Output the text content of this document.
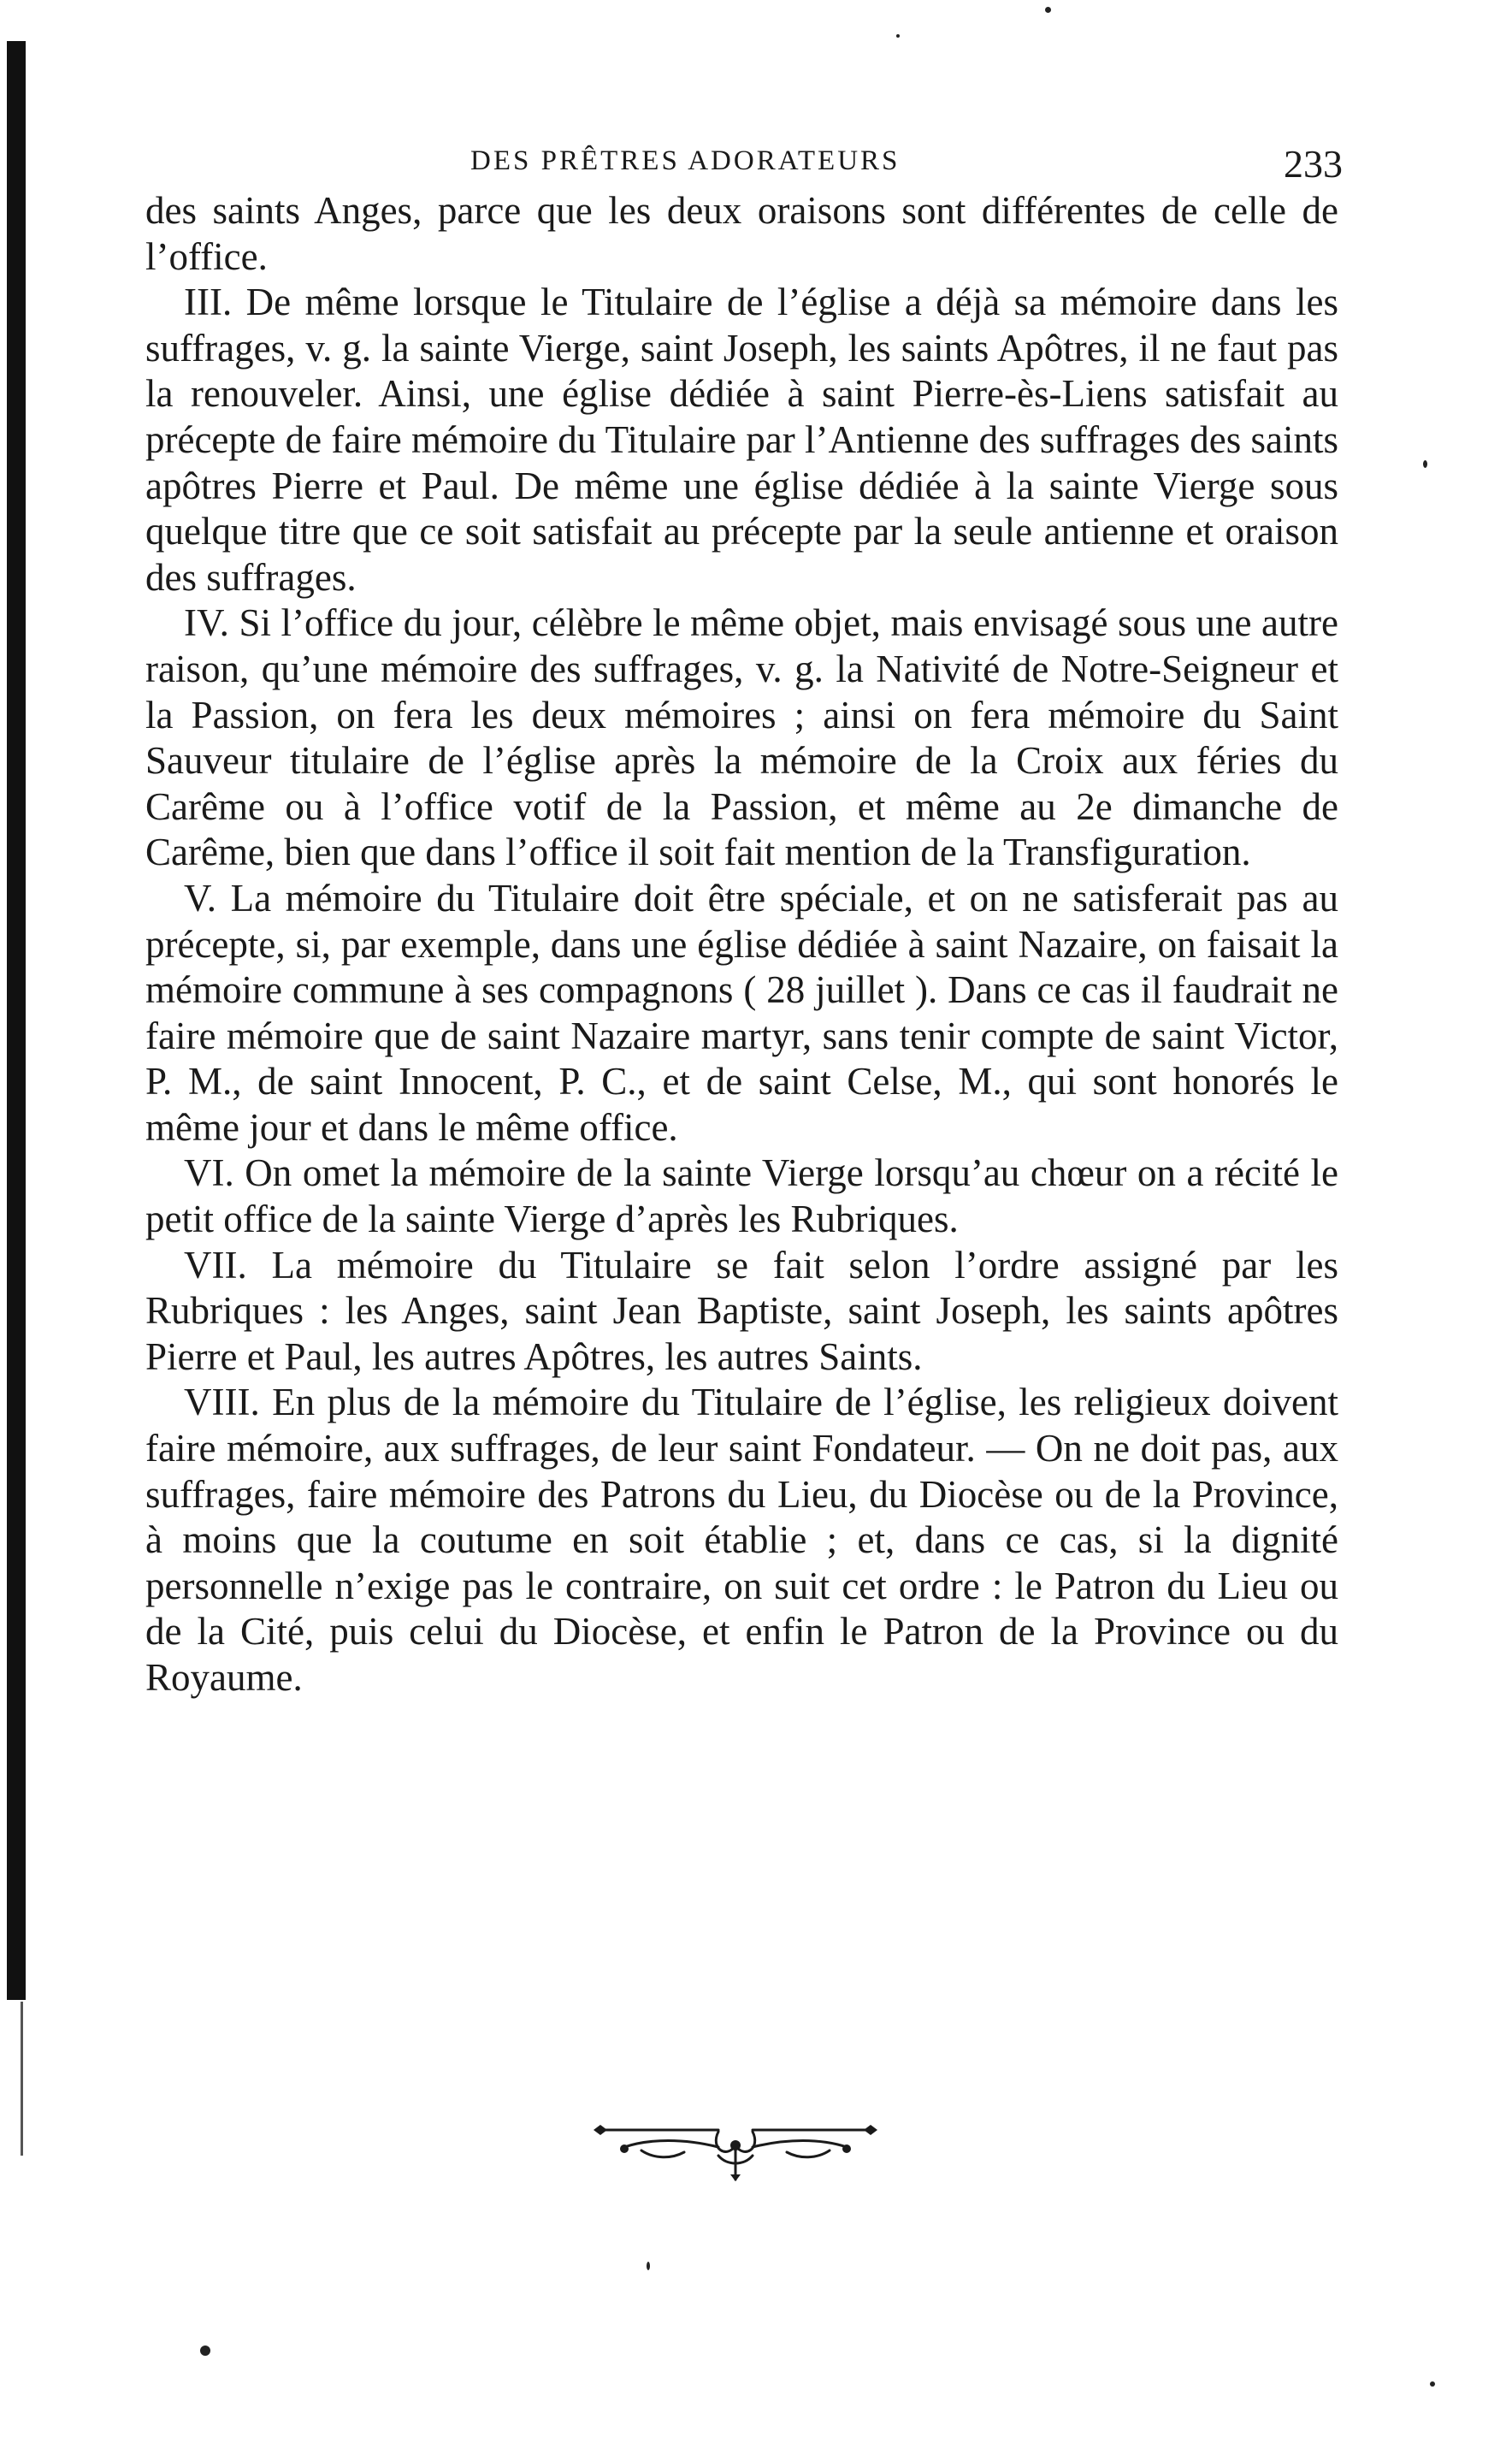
DES PRÊTRES ADORATEURS	233

des saints Anges, parce que les deux oraisons sont différentes de celle de l’office.

III. De même lorsque le Titulaire de l’église a déjà sa mémoire dans les suffrages, v. g. la sainte Vierge, saint Joseph, les saints Apôtres, il ne faut pas la renouveler. Ainsi, une église dédiée à saint Pierre-ès-Liens satisfait au précepte de faire mémoire du Titulaire par l’Antienne des suffrages des saints apôtres Pierre et Paul. De même une église dédiée à la sainte Vierge sous quelque titre que ce soit satisfait au précepte par la seule antienne et oraison des suffrages.

IV. Si l’office du jour, célèbre le même objet, mais envisagé sous une autre raison, qu’une mémoire des suffrages, v. g. la Nativité de Notre-Seigneur et la Passion, on fera les deux mémoires ; ainsi on fera mémoire du Saint Sauveur titulaire de l’église après la mémoire de la Croix aux féries du Carême ou à l’office votif de la Passion, et même au 2e dimanche de Carême, bien que dans l’office il soit fait mention de la Transfiguration.

V. La mémoire du Titulaire doit être spéciale, et on ne satisferait pas au précepte, si, par exemple, dans une église dédiée à saint Nazaire, on faisait la mémoire commune à ses compagnons ( 28 juillet ). Dans ce cas il faudrait ne faire mémoire que de saint Nazaire martyr, sans tenir compte de saint Victor, P. M., de saint Innocent, P. C., et de saint Celse, M., qui sont honorés le même jour et dans le même office.

VI. On omet la mémoire de la sainte Vierge lorsqu’au chœur on a récité le petit office de la sainte Vierge d’après les Rubriques.

VII. La mémoire du Titulaire se fait selon l’ordre assigné par les Rubriques : les Anges, saint Jean Baptiste, saint Joseph, les saints apôtres Pierre et Paul, les autres Apôtres, les autres Saints.

VIII. En plus de la mémoire du Titulaire de l’église, les religieux doivent faire mémoire, aux suffrages, de leur saint Fondateur. — On ne doit pas, aux suffrages, faire mémoire des Patrons du Lieu, du Diocèse ou de la Province, à moins que la coutume en soit établie ; et, dans ce cas, si la dignité personnelle n’exige pas le contraire, on suit cet ordre : le Patron du Lieu ou de la Cité, puis celui du Diocèse, et enfin le Patron de la Province ou du Royaume.
